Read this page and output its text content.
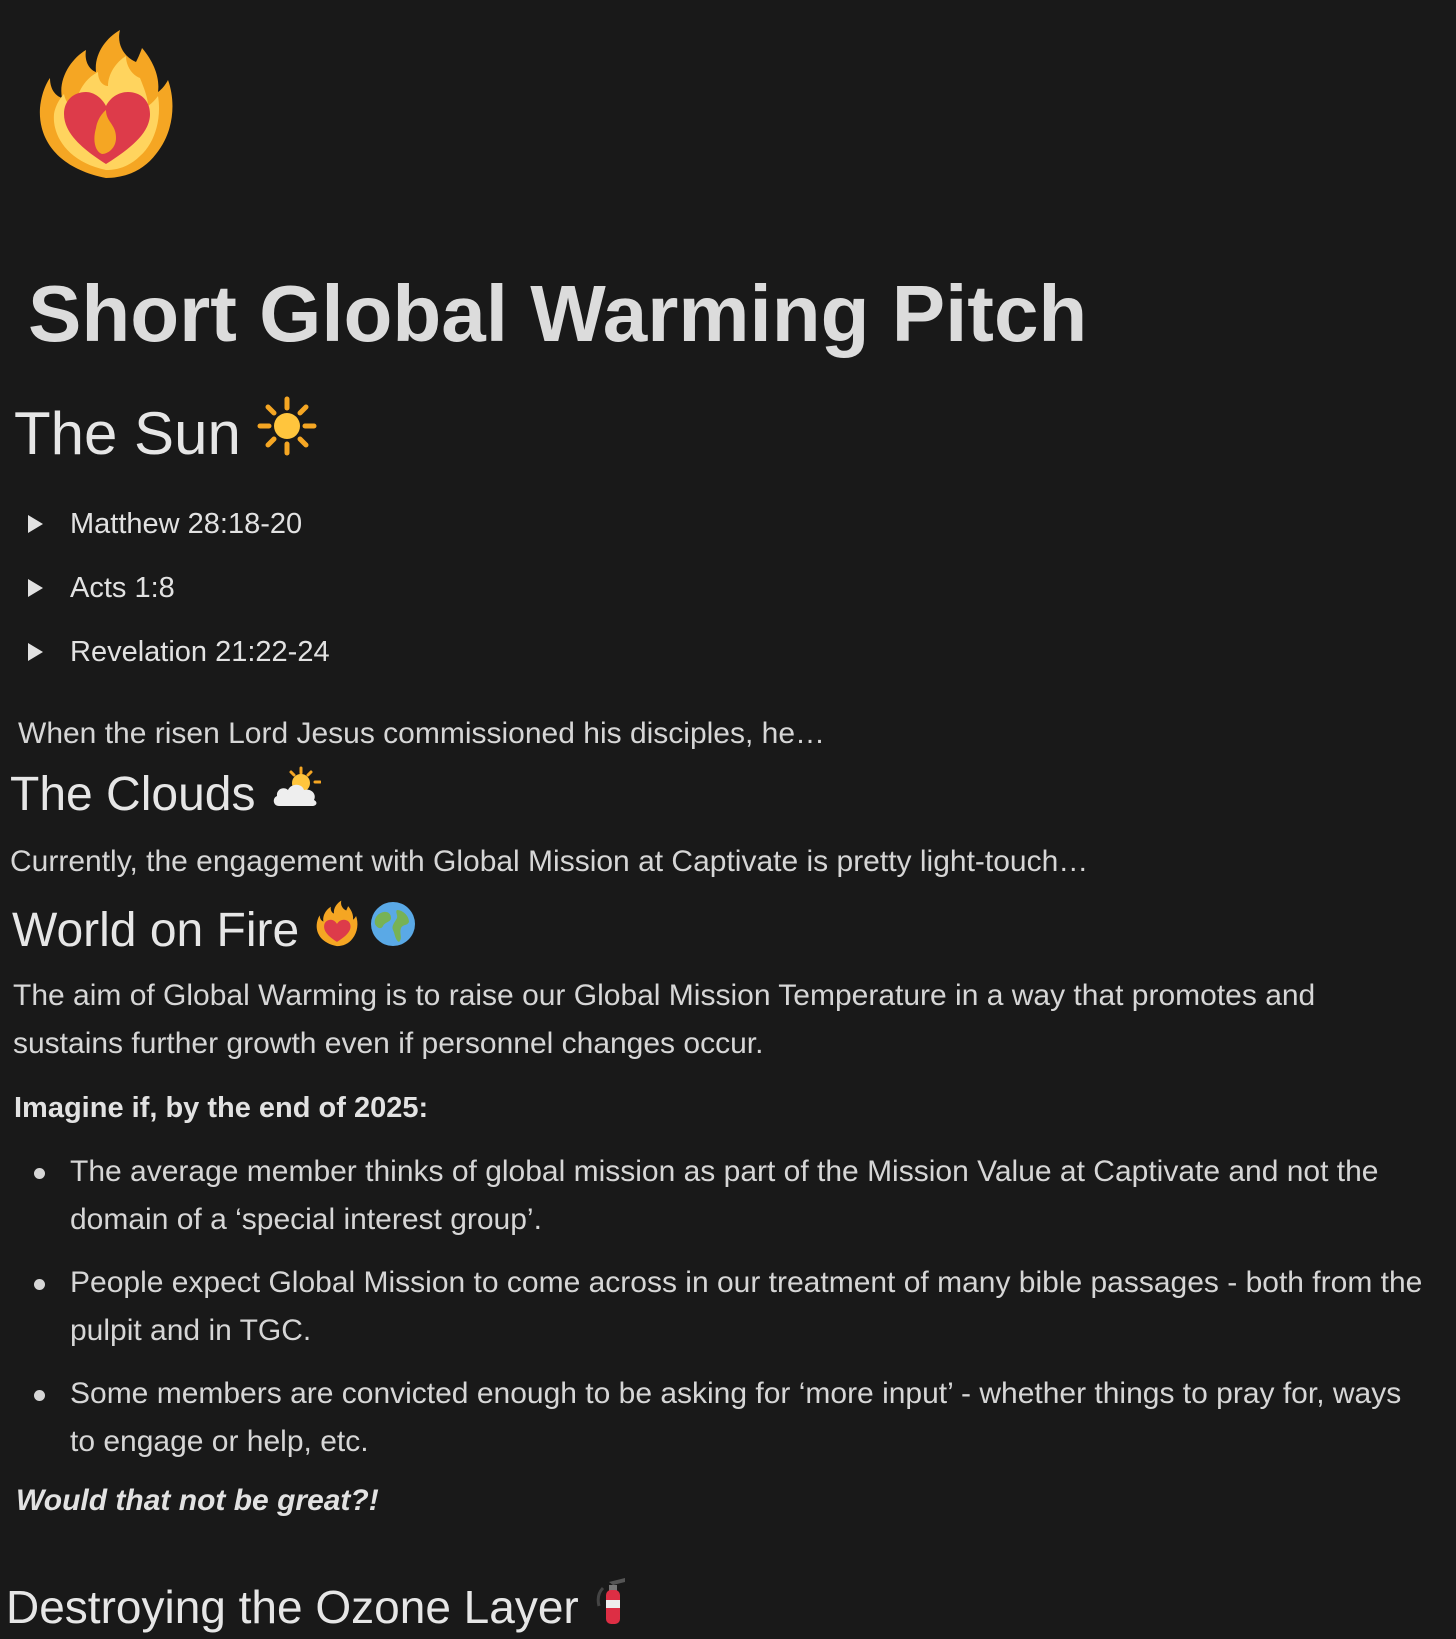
Short Global Warming Pitch
The Sun
Matthew 28:18-20
Acts 1:8
Revelation 21:22-24

When the risen Lord Jesus commissioned his disciples, he…

The Clouds

Currently, the engagement with Global Mission at Captivate is pretty light-touch…

World on Fire

The aim of Global Warming is to raise our Global Mission Temperature in a way that promotes and sustains further growth even if personnel changes occur.

Imagine if, by the end of 2025:

The average member thinks of global mission as part of the Mission Value at Captivate and not the domain of a ‘special interest group’.
People expect Global Mission to come across in our treatment of many bible passages - both from the pulpit and in TGC.
Some members are convicted enough to be asking for ‘more input’ - whether things to pray for, ways to engage or help, etc.

Would that not be great?!

Destroying the Ozone Layer
